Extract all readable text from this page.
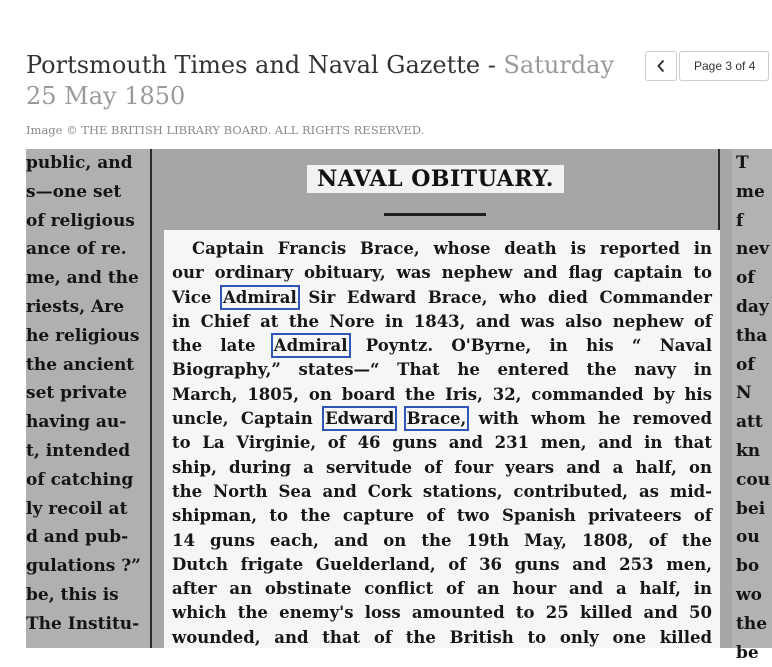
Portsmouth Times and Naval Gazette - Saturday 25 May 1850
Image © THE BRITISH LIBRARY BOARD. ALL RIGHTS RESERVED.
Page 3 of 4
public, and
s—one set
of religious
ance of re.
me, and the
riests, Are
he religious
the ancient
set private
having au-
t, intended
of catching
ly recoil at
d and pub-
gulations ?”
be, this is
The Institu-
NAVAL OBITUARY.
Captain Francis Brace, whose death is reported in
our ordinary obituary, was nephew and flag captain to
Vice Admiral Sir Edward Brace, who died Commander
in Chief at the Nore in 1843, and was also nephew of
the late Admiral Poyntz. O'Byrne, in his “ Naval
Biography,” states—“ That he entered the navy in
March, 1805, on board the Iris, 32, commanded by his
uncle, Captain Edward Brace, with whom he removed
to La Virginie, of 46 guns and 231 men, and in that
ship, during a servitude of four years and a half, on
the North Sea and Cork stations, contributed, as mid-
shipman, to the capture of two Spanish privateers of
14 guns each, and on the 19th May, 1808, of the
Dutch frigate Guelderland, of 36 guns and 253 men,
after an obstinate conflict of an hour and a half, in
which the enemy's loss amounted to 25 killed and 50
wounded, and that of the British to only one killed
T
me
f
nev
of
day
tha
of
N
att
kn
cou
bei
ou
bo
wo
the
be
